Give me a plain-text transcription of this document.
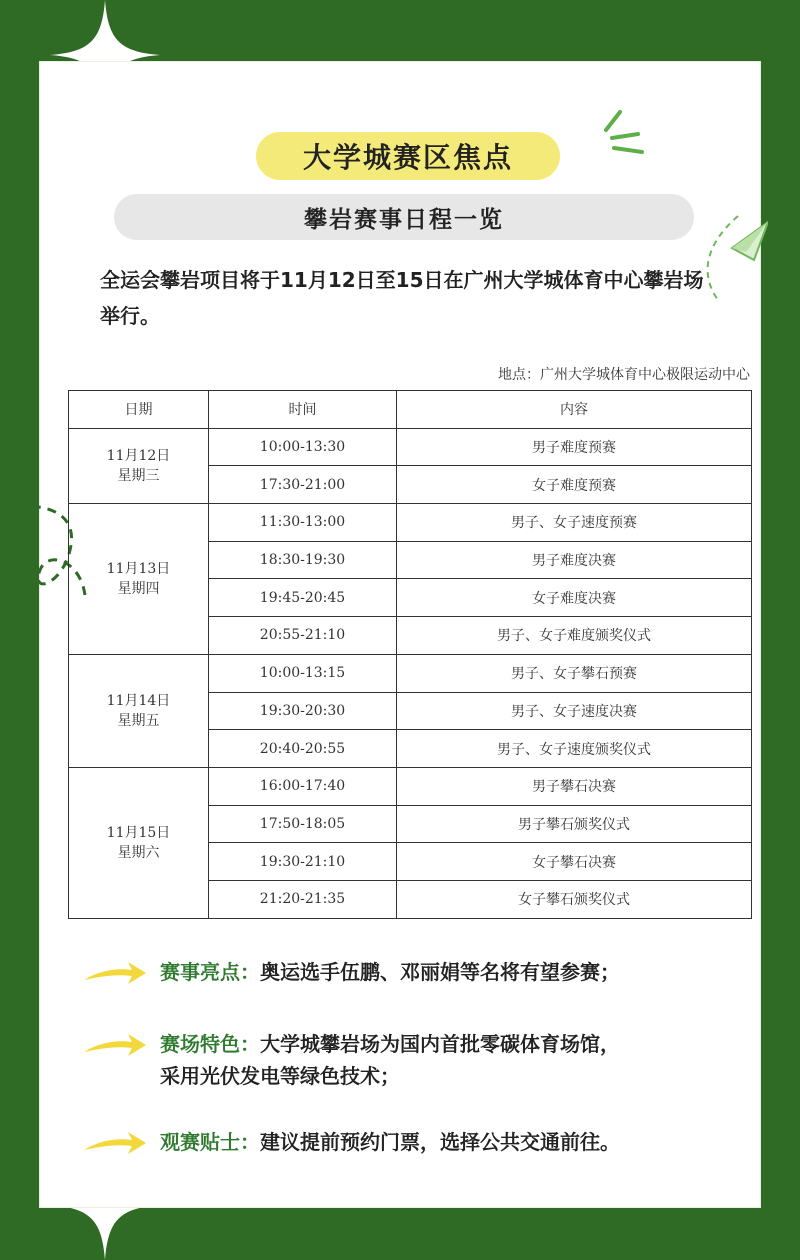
大学城赛区焦点
攀岩赛事日程一览
全运会攀岩项目将于11月12日至15日在广州大学城体育中心攀岩场举行。
地点：广州大学城体育中心极限运动中心
日期	时间	内容

11月12日
星期三	10:00-13:30	男子难度预赛
	17:30-21:00	女子难度预赛

11月13日
星期四	11:30-13:00	男子、女子速度预赛
	18:30-19:30	男子难度决赛
	19:45-20:45	女子难度决赛
	20:55-21:10	男子、女子难度颁奖仪式

11月14日
星期五	10:00-13:15	男子、女子攀石预赛
	19:30-20:30	男子、女子速度决赛
	20:40-20:55	男子、女子速度颁奖仪式

11月15日
星期六	16:00-17:40	男子攀石决赛
	17:50-18:05	男子攀石颁奖仪式
	19:30-21:10	女子攀石决赛
	21:20-21:35	女子攀石颁奖仪式
赛事亮点：奥运选手伍鹏、邓丽娟等名将有望参赛；
赛场特色：大学城攀岩场为国内首批零碳体育场馆，
采用光伏发电等绿色技术；
观赛贴士：建议提前预约门票，选择公共交通前往。
